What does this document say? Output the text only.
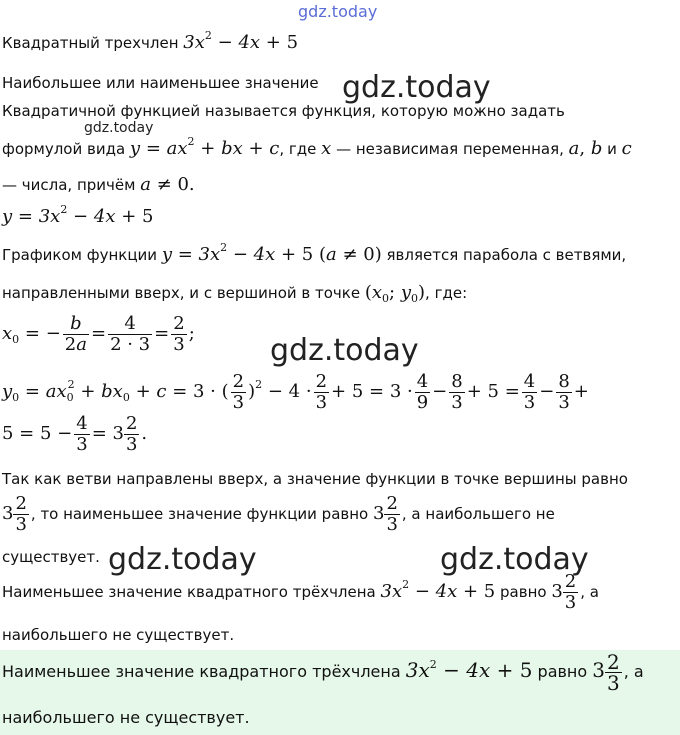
gdz.today
gdz.today
gdz.today
gdz.today
gdz.today	gdz.today
Квадратный трехчлен $3x^2 - 4x + 5$
Наибольшее или наименьшее значение
Квадратичной функцией называется функция, которую можно задать
формулой вида $y = ax^2$ + bx + c, где x — независимая переменная, a, b и c
— числа, причём a ≠ 0.
$y = 3x^2 - 4x + 5$
Графиком функции $y = 3x^2 - 4x + 5$ (a ≠ 0) является парабола с ветвями,
направленными вверх, и с вершиной в точке ($x_0$; $y_0$), где:
$x_0$ = − $\frac{b}{2a} = \frac{4}{2 \cdot 3} = \frac{2}{3}$ ;
$y_0 = ax_0^2 + bx_0 + c = 3$ · ( $\frac{2}{3} )^2 - 4 \cdot \frac{2}{3} + 5 = 3 \cdot \frac{4}{9} - \frac{8}{3} + 5 = \frac{4}{3} - \frac{8}{3}$ +
$5 = 5 - \frac{4}{3} = 3 \frac{2}{3}$ .
Так как ветви направлены вверх, а значение функции в точке вершины равно
$3 \frac{2}{3}$ , то наименьшее значение функции равно $3 \frac{2}{3}$ , а наибольшего не
существует.
Наименьшее значение квадратного трёхчлена $3x^2 - 4x + 5$ равно $3 \frac{2}{3}$ , а
наибольшего не существует.
Наименьшее значение квадратного трёхчлена $3x^2 - 4x + 5$ равно $3 \frac{2}{3}$ , а
наибольшего не существует.
